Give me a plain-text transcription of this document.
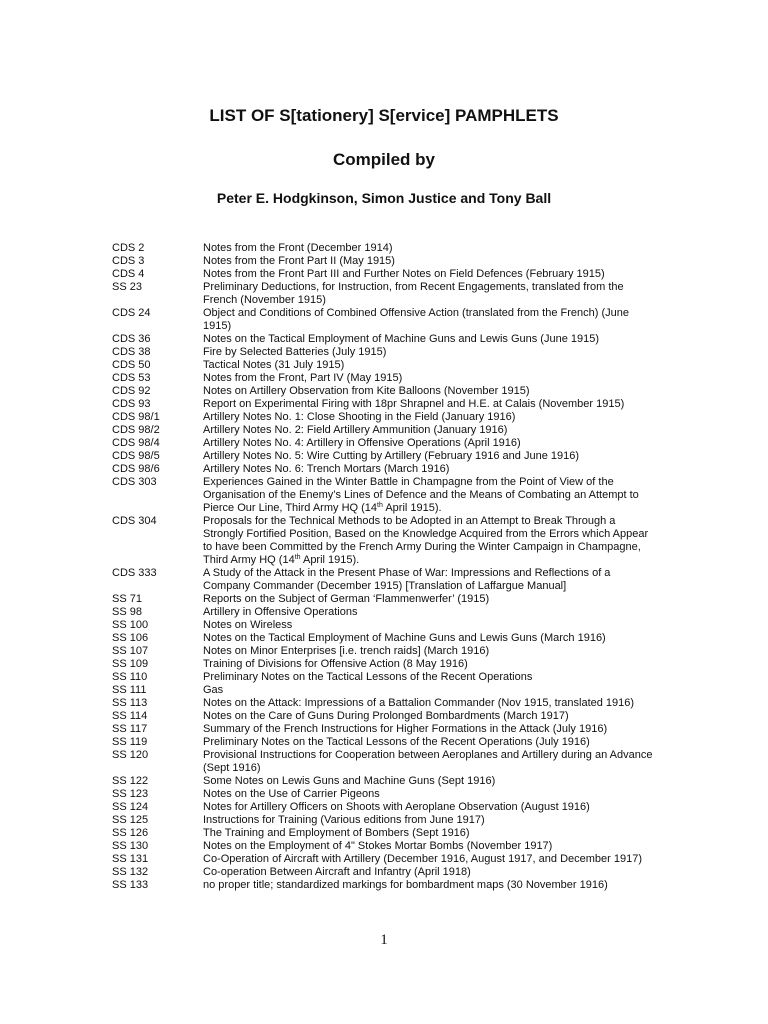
LIST OF S[tationery] S[ervice] PAMPHLETS
Compiled by
Peter E. Hodgkinson, Simon Justice and Tony Ball
CDS 2	Notes from the Front (December 1914)
CDS 3	Notes from the Front Part II (May 1915)
CDS 4	Notes from the Front Part III and Further Notes on Field Defences (February 1915)
SS 23	Preliminary Deductions, for Instruction, from Recent Engagements, translated from the French (November 1915)
CDS 24	Object and Conditions of Combined Offensive Action (translated from the French) (June 1915)
CDS 36	Notes on the Tactical Employment of Machine Guns and Lewis Guns (June 1915)
CDS 38	Fire by Selected Batteries (July 1915)
CDS 50	Tactical Notes (31 July 1915)
CDS 53	Notes from the Front, Part IV (May 1915)
CDS 92	Notes on Artillery Observation from Kite Balloons (November 1915)
CDS 93	Report on Experimental Firing with 18pr Shrapnel and H.E. at Calais (November 1915)
CDS 98/1	Artillery Notes No. 1: Close Shooting in the Field (January 1916)
CDS 98/2	Artillery Notes No. 2: Field Artillery Ammunition (January 1916)
CDS 98/4	Artillery Notes No. 4: Artillery in Offensive Operations (April 1916)
CDS 98/5	Artillery Notes No. 5: Wire Cutting by Artillery (February 1916 and June 1916)
CDS 98/6	Artillery Notes No. 6: Trench Mortars (March 1916)
CDS 303	Experiences Gained in the Winter Battle in Champagne from the Point of View of the Organisation of the Enemy’s Lines of Defence and the Means of Combating an Attempt to Pierce Our Line, Third Army HQ (14th April 1915).
CDS 304	Proposals for the Technical Methods to be Adopted in an Attempt to Break Through a Strongly Fortified Position, Based on the Knowledge Acquired from the Errors which Appear to have been Committed by the French Army During the Winter Campaign in Champagne, Third Army HQ (14th April 1915).
CDS 333	A Study of the Attack in the Present Phase of War: Impressions and Reflections of a Company Commander (December 1915) [Translation of Laffargue Manual]
SS 71	Reports on the Subject of German ‘Flammenwerfer’ (1915)
SS 98	Artillery in Offensive Operations
SS 100	Notes on Wireless
SS 106	Notes on the Tactical Employment of Machine Guns and Lewis Guns (March 1916)
SS 107	Notes on Minor Enterprises [i.e. trench raids] (March 1916)
SS 109	Training of Divisions for Offensive Action (8 May 1916)
SS 110	Preliminary Notes on the Tactical Lessons of the Recent Operations
SS 111	Gas
SS 113	Notes on the Attack: Impressions of a Battalion Commander (Nov 1915, translated 1916)
SS 114	Notes on the Care of Guns During Prolonged Bombardments (March 1917)
SS 117	Summary of the French Instructions for Higher Formations in the Attack (July 1916)
SS 119	Preliminary Notes on the Tactical Lessons of the Recent Operations (July 1916)
SS 120	Provisional Instructions for Cooperation between Aeroplanes and Artillery during an Advance (Sept 1916)
SS 122	Some Notes on Lewis Guns and Machine Guns (Sept 1916)
SS 123	Notes on the Use of Carrier Pigeons
SS 124	Notes for Artillery Officers on Shoots with Aeroplane Observation (August 1916)
SS 125	Instructions for Training (Various editions from June 1917)
SS 126	The Training and Employment of Bombers (Sept 1916)
SS 130	Notes on the Employment of 4" Stokes Mortar Bombs (November 1917)
SS 131	Co-Operation of Aircraft with Artillery (December 1916, August 1917, and December 1917)
SS 132	Co-operation Between Aircraft and Infantry (April 1918)
SS 133	no proper title; standardized markings for bombardment maps (30 November 1916)
1
